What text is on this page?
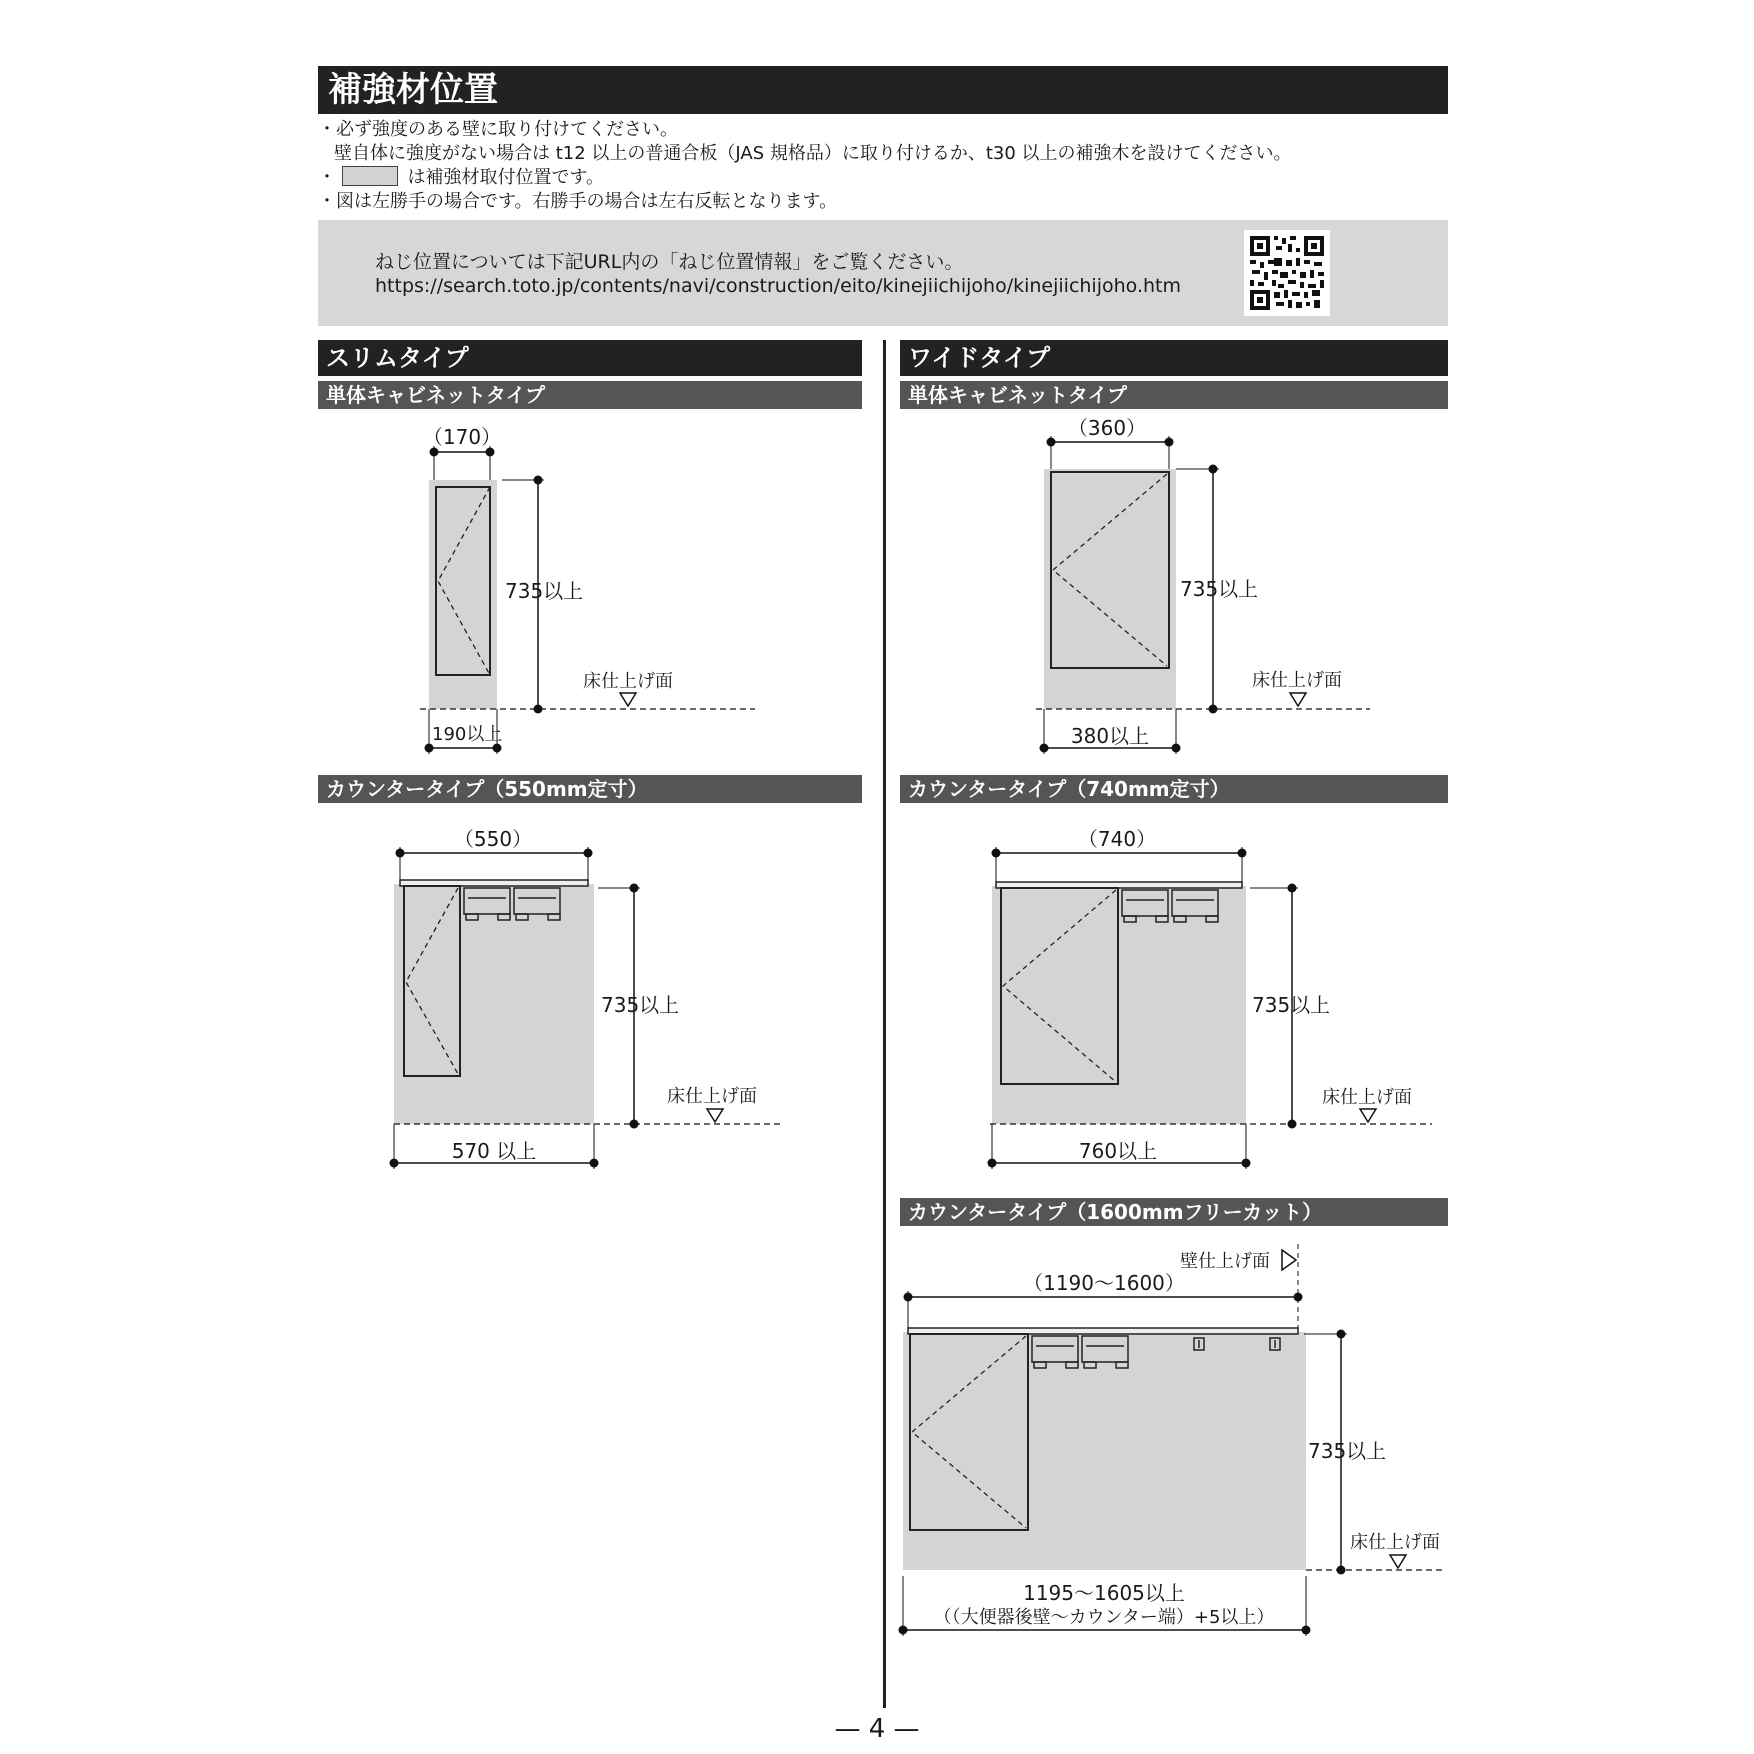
補強材位置
・必ず強度のある壁に取り付けてください。
壁自体に強度がない場合は t12 以上の普通合板（JAS 規格品）に取り付けるか、t30 以上の補強木を設けてください。
・	は補強材取付位置です。
・図は左勝手の場合です。右勝手の場合は左右反転となります。
ねじ位置については下記URL内の「ねじ位置情報」をご覧ください。
https://search.toto.jp/contents/navi/construction/eito/kinejiichijoho/kinejiichijoho.htm
スリムタイプ	ワイドタイプ
単体キャビネットタイプ	単体キャビネットタイプ
カウンタータイプ（550mm定寸）	カウンタータイプ（740mm定寸）
カウンタータイプ（1600mmフリーカット）
（170）
735以上
床仕上げ面
190以上
（360）
735以上
床仕上げ面
380以上
（550）
735以上
床仕上げ面
570 以上
（740）
735以上
床仕上げ面
760以上
壁仕上げ面
（1190～1600）
735以上
床仕上げ面
1195～1605以上
（（大便器後壁～カウンター端）+5以上）
— 4 —
